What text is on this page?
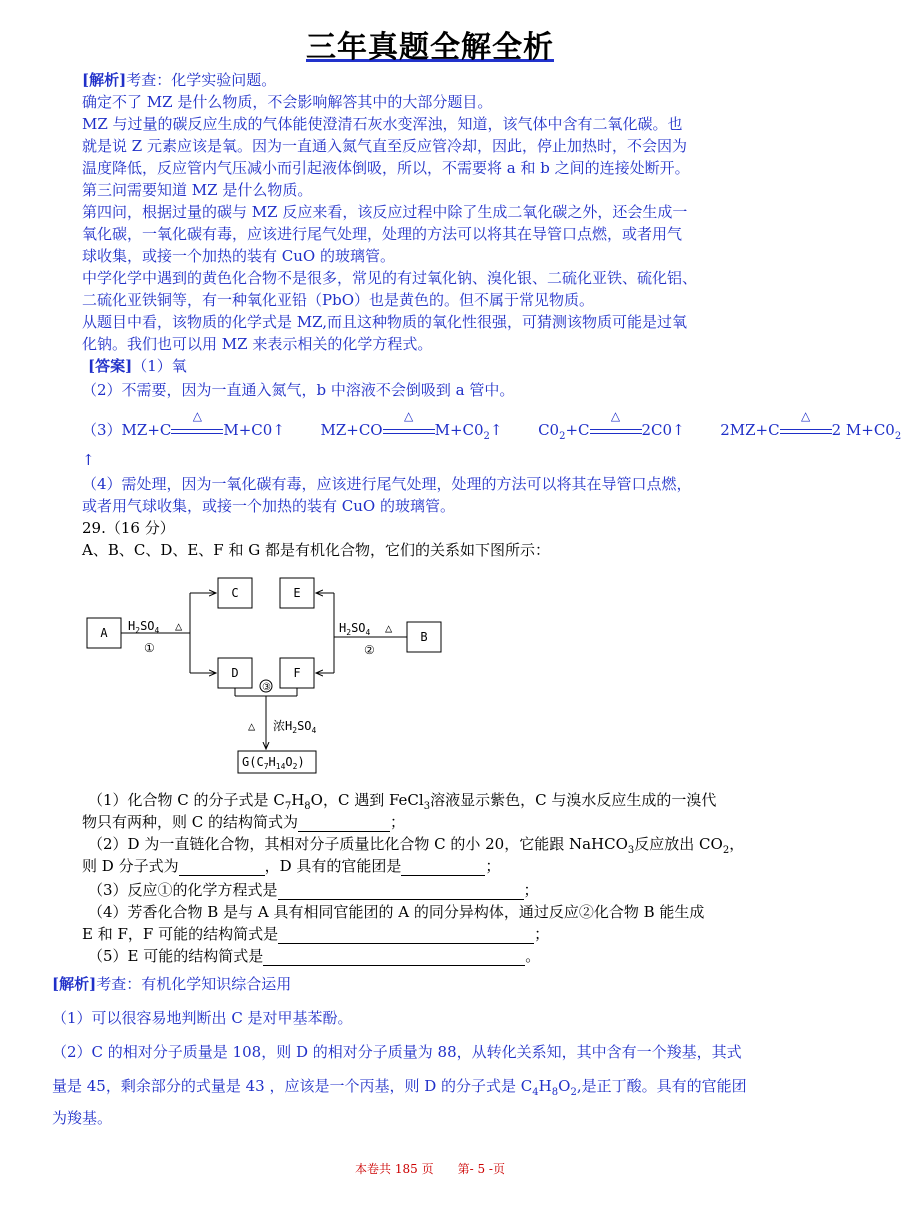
三年真题全解全析
[解析]考查：化学实验问题。
确定不了 MZ 是什么物质，不会影响解答其中的大部分题目。
MZ 与过量的碳反应生成的气体能使澄清石灰水变浑浊，知道，该气体中含有二氧化碳。也
就是说 Z 元素应该是氧。因为一直通入氮气直至反应管冷却，因此，停止加热时，不会因为
温度降低，反应管内气压减小而引起液体倒吸，所以，不需要将 a 和 b 之间的连接处断开。
第三问需要知道 MZ 是什么物质。
第四问，根据过量的碳与 MZ 反应来看，该反应过程中除了生成二氧化碳之外，还会生成一
氧化碳，一氧化碳有毒，应该进行尾气处理，处理的方法可以将其在导管口点燃，或者用气
球收集，或接一个加热的装有 CuO 的玻璃管。
中学化学中遇到的黄色化合物不是很多，常见的有过氧化钠、溴化银、二硫化亚铁、硫化铝、
二硫化亚铁铜等，有一种氧化亚铅（PbO）也是黄色的。但不属于常见物质。
从题目中看，该物质的化学式是 MZ,而且这种物质的氧化性很强，可猜测该物质可能是过氧
化钠。我们也可以用 MZ 来表示相关的化学方程式。
[答案]（1）氧
（2）不需要，因为一直通入氮气，b 中溶液不会倒吸到 a 管中。
（3）MZ+C
△
M+C0↑ MZ+CO
△
$M+C0_2↑$ $C0_2+C$
△
2C0↑ 2MZ+C
△
2 $M+C0_2$
↑
（4）需处理，因为一氧化碳有毒，应该进行尾气处理，处理的方法可以将其在导管口点燃，
或者用气球收集，或接一个加热的装有 CuO 的玻璃管。
29.（16 分）
A、B、C、D、E、F 和 G 都是有机化合物，它们的关系如下图所示：
A
C	E
D	F
B
$H_2SO_4$ △
①
$H_2SO_4$ △
②
③
△ 浓$H_2SO_4$
$G(C_7H_{14}O_2)$
（1）化合物 C 的分子式是 $C_7H_8O$，C 遇到 FeCl$_3$溶液显示紫色，C 与溴水反应生成的一溴代
物只有两种，则 C 的结构简式为	；
（2）D 为一直链化合物，其相对分子质量比化合物 C 的小 20，它能跟 NaHCO$_3$反应放出 $CO_2$，
则 D 分子式为	，D 具有的官能团是	；
（3）反应①的化学方程式是	；
（4）芳香化合物 B 是与 A 具有相同官能团的 A 的同分异构体，通过反应②化合物 B 能生成
E 和 F，F 可能的结构简式是	；
（5）E 可能的结构简式是	。
[解析]考查：有机化学知识综合运用
（1）可以很容易地判断出 C 是对甲基苯酚。
（2）C 的相对分子质量是 108，则 D 的相对分子质量为 88，从转化关系知，其中含有一个羧基，其式
量是 45，剩余部分的式量是 43 ，应该是一个丙基，则 D 的分子式是 $C_4H_8O_2$,是正丁酸。具有的官能团
为羧基。
本卷共 185 页 第- 5 -页
